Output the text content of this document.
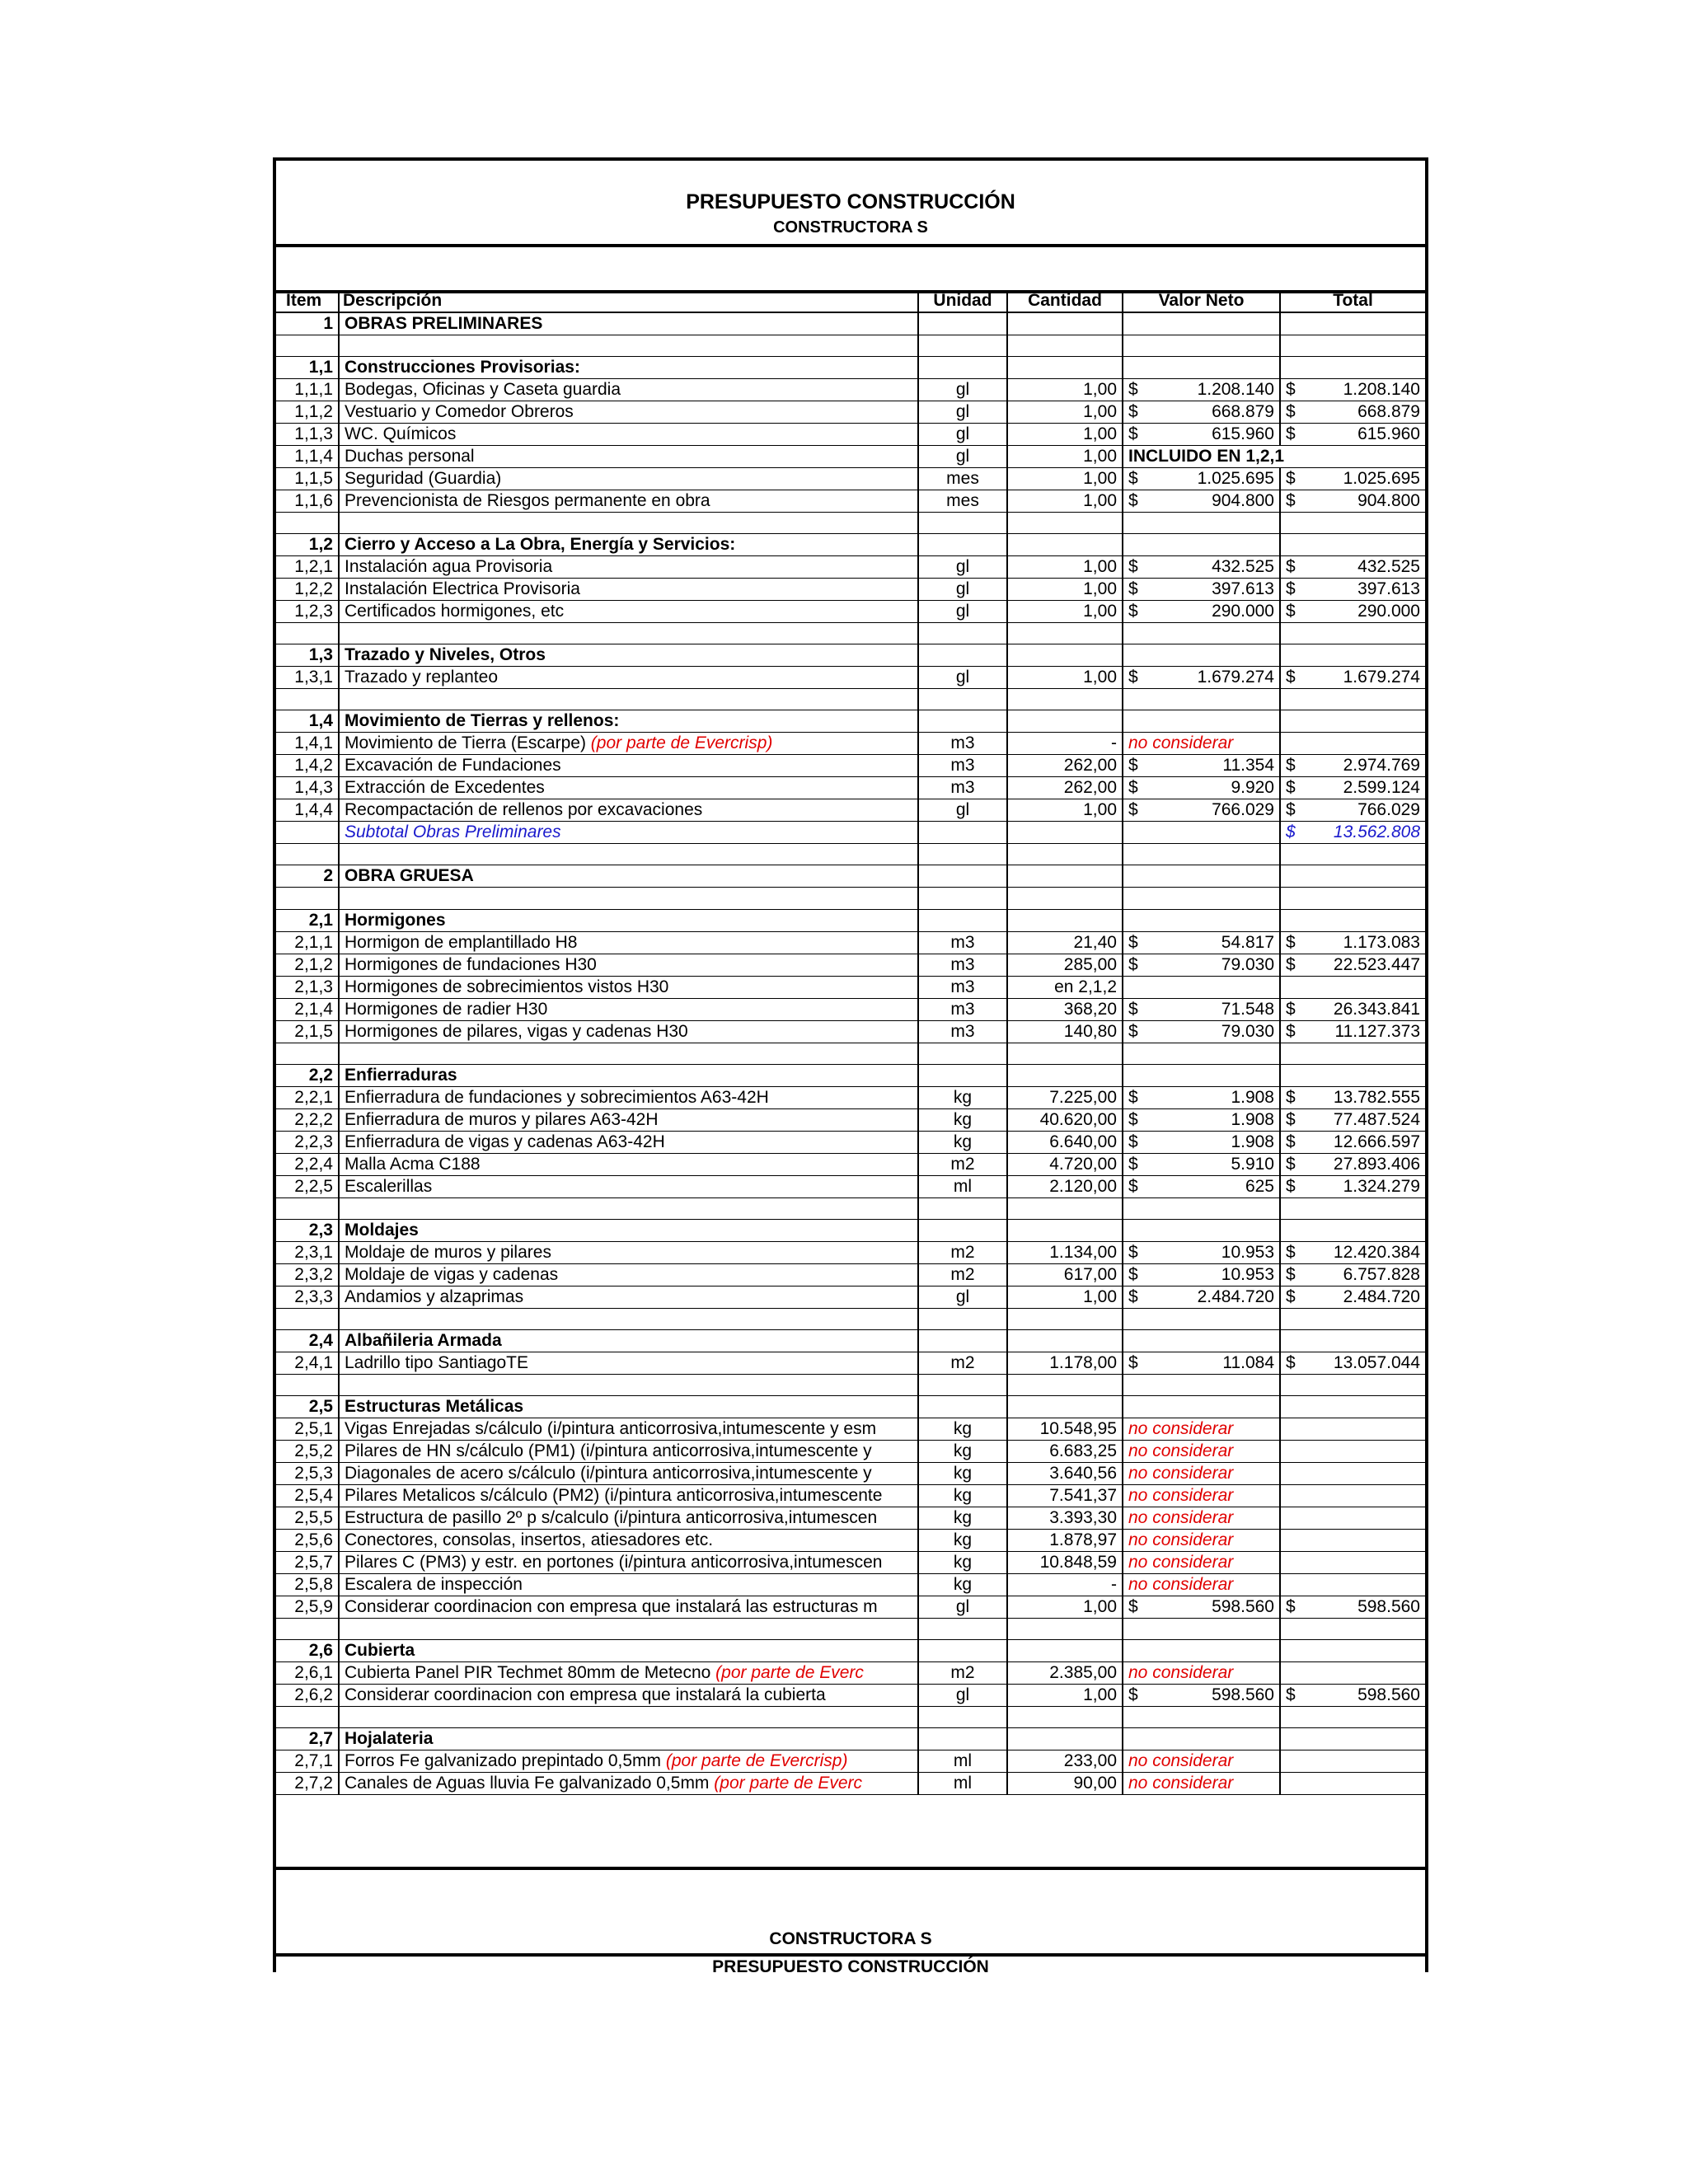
PRESUPUESTO CONSTRUCCIÓN
CONSTRUCTORA S
Item	Descripción	Unidad	Cantidad	Valor Neto	Total
1	OBRAS PRELIMINARES				

1,1	Construcciones Provisorias:				
1,1,1	Bodegas, Oficinas y Caseta guardia	gl	1,00	$ 1.208.140	$ 1.208.140

1,1,2	Vestuario y Comedor Obreros	gl	1,00	$ 668.879	$ 668.879

1,1,3	WC. Químicos	gl	1,00	$ 615.960	$ 615.960

1,1,4	Duchas personal	gl	1,00	INCLUIDO EN 1,2,1	
1,1,5	Seguridad (Guardia)	mes	1,00	$ 1.025.695	$ 1.025.695

1,1,6	Prevencionista de Riesgos permanente en obra	mes	1,00	$ 904.800	$ 904.800

1,2	Cierro y Acceso a La Obra, Energía y Servicios:				
1,2,1	Instalación agua Provisoria	gl	1,00	$ 432.525	$ 432.525

1,2,2	Instalación Electrica Provisoria	gl	1,00	$ 397.613	$ 397.613

1,2,3	Certificados hormigones, etc	gl	1,00	$ 290.000	$ 290.000

1,3	Trazado y Niveles, Otros				
1,3,1	Trazado y replanteo	gl	1,00	$ 1.679.274	$ 1.679.274

1,4	Movimiento de Tierras y rellenos:				
1,4,1	Movimiento de Tierra (Escarpe) (por parte de Evercrisp)	m3	-	no considerar	
1,4,2	Excavación de Fundaciones	m3	262,00	$ 11.354	$ 2.974.769

1,4,3	Extracción de Excedentes	m3	262,00	$ 9.920	$ 2.599.124

1,4,4	Recompactación de rellenos por excavaciones	gl	1,00	$ 766.029	$ 766.029

	Subtotal Obras Preliminares				$ 13.562.808

2	OBRA GRUESA				

2,1	Hormigones				
2,1,1	Hormigon de emplantillado H8	m3	21,40	$ 54.817	$ 1.173.083

2,1,2	Hormigones de fundaciones H30	m3	285,00	$ 79.030	$ 22.523.447

2,1,3	Hormigones de sobrecimientos vistos H30	m3	en 2,1,2		
2,1,4	Hormigones de radier H30	m3	368,20	$ 71.548	$ 26.343.841

2,1,5	Hormigones de pilares, vigas y cadenas H30	m3	140,80	$ 79.030	$ 11.127.373

2,2	Enfierraduras				
2,2,1	Enfierradura de fundaciones y sobrecimientos A63-42H	kg	7.225,00	$ 1.908	$ 13.782.555

2,2,2	Enfierradura de muros y pilares A63-42H	kg	40.620,00	$ 1.908	$ 77.487.524

2,2,3	Enfierradura de vigas y cadenas A63-42H	kg	6.640,00	$ 1.908	$ 12.666.597

2,2,4	Malla Acma C188	m2	4.720,00	$ 5.910	$ 27.893.406

2,2,5	Escalerillas	ml	2.120,00	$ 625	$ 1.324.279

2,3	Moldajes				
2,3,1	Moldaje de muros y pilares	m2	1.134,00	$ 10.953	$ 12.420.384

2,3,2	Moldaje de vigas y cadenas	m2	617,00	$ 10.953	$ 6.757.828

2,3,3	Andamios y alzaprimas	gl	1,00	$ 2.484.720	$ 2.484.720

2,4	Albañileria Armada				
2,4,1	Ladrillo tipo SantiagoTE	m2	1.178,00	$ 11.084	$ 13.057.044

2,5	Estructuras Metálicas				
2,5,1	Vigas Enrejadas s/cálculo (i/pintura anticorrosiva,intumescente y esm	kg	10.548,95	no considerar	
2,5,2	Pilares de HN s/cálculo (PM1) (i/pintura anticorrosiva,intumescente y	kg	6.683,25	no considerar	
2,5,3	Diagonales de acero s/cálculo (i/pintura anticorrosiva,intumescente y	kg	3.640,56	no considerar	
2,5,4	Pilares Metalicos s/cálculo (PM2) (i/pintura anticorrosiva,intumescente	kg	7.541,37	no considerar	
2,5,5	Estructura de pasillo 2º p s/calculo (i/pintura anticorrosiva,intumescen	kg	3.393,30	no considerar	
2,5,6	Conectores, consolas, insertos, atiesadores etc.	kg	1.878,97	no considerar	
2,5,7	Pilares C (PM3) y estr. en portones (i/pintura anticorrosiva,intumescen	kg	10.848,59	no considerar	
2,5,8	Escalera de inspección	kg	-	no considerar	
2,5,9	Considerar coordinacion con empresa que instalará las estructuras m	gl	1,00	$ 598.560	$ 598.560

2,6	Cubierta				
2,6,1	Cubierta Panel PIR Techmet 80mm de Metecno (por parte de Everc	m2	2.385,00	no considerar	
2,6,2	Considerar coordinacion con empresa que instalará la cubierta	gl	1,00	$ 598.560	$ 598.560

2,7	Hojalateria				
2,7,1	Forros Fe galvanizado prepintado 0,5mm (por parte de Evercrisp)	ml	233,00	no considerar	
2,7,2	Canales de Aguas lluvia Fe galvanizado 0,5mm (por parte de Everc	ml	90,00	no considerar	
CONSTRUCTORA S
PRESUPUESTO CONSTRUCCIÓN
